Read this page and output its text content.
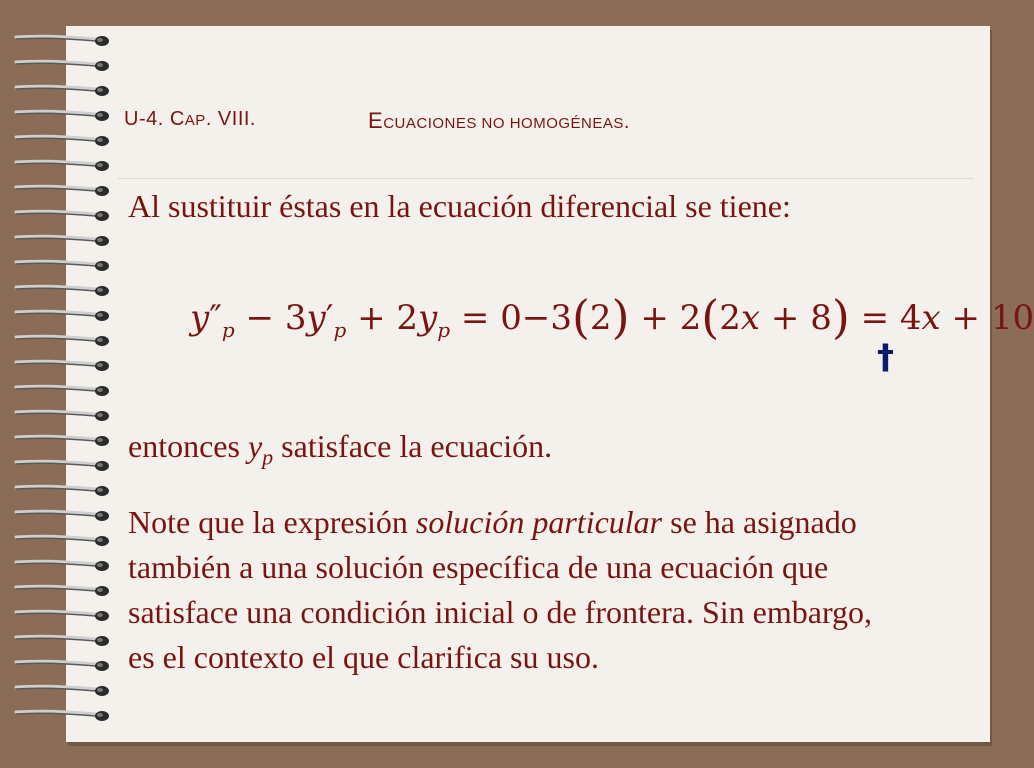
U-4. CAP. VIII.	ECUACIONES NO HOMOGÉNEAS.
Al sustituir éstas en la ecuación diferencial se tiene:
$y''_p - 3y'_p + 2y_p = 0-3(2) + 2(2x + 8) = 4x + 10$
†
entonces $y_p$ satisface la ecuación.
Note que la expresión solución particular se ha asignado
también a una solución específica de una ecuación que
satisface una condición inicial o de frontera. Sin embargo,
es el contexto el que clarifica su uso.
